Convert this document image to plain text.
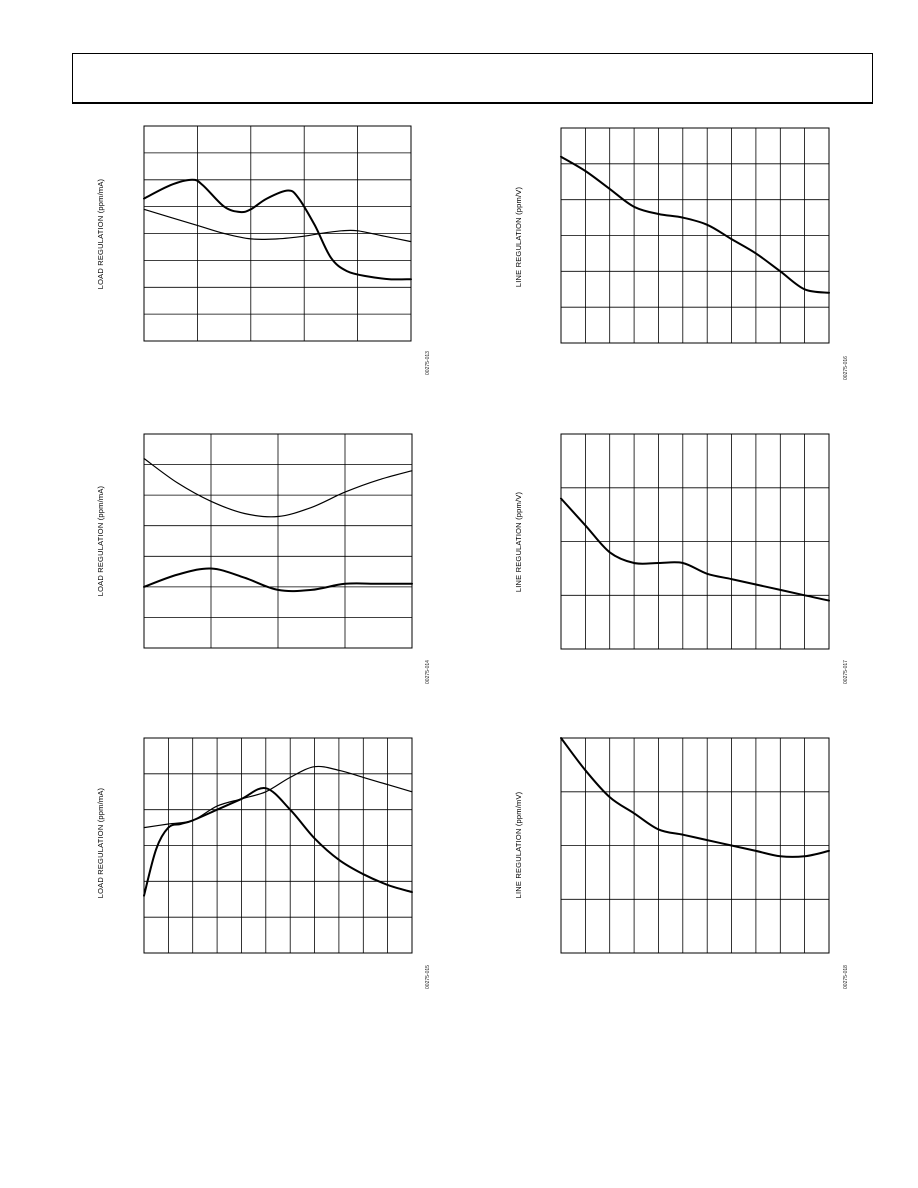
LOAD REGULATION (ppm/mA)
00275-013
LINE REGULATION (ppm/V)
00275-016
LOAD REGULATION (ppm/mA)
00275-014
LINE REGULATION (ppm/V)
00275-017
LOAD REGULATION (ppm/mA)
00275-015
LINE REGULATION (ppm/mV)
00275-018
